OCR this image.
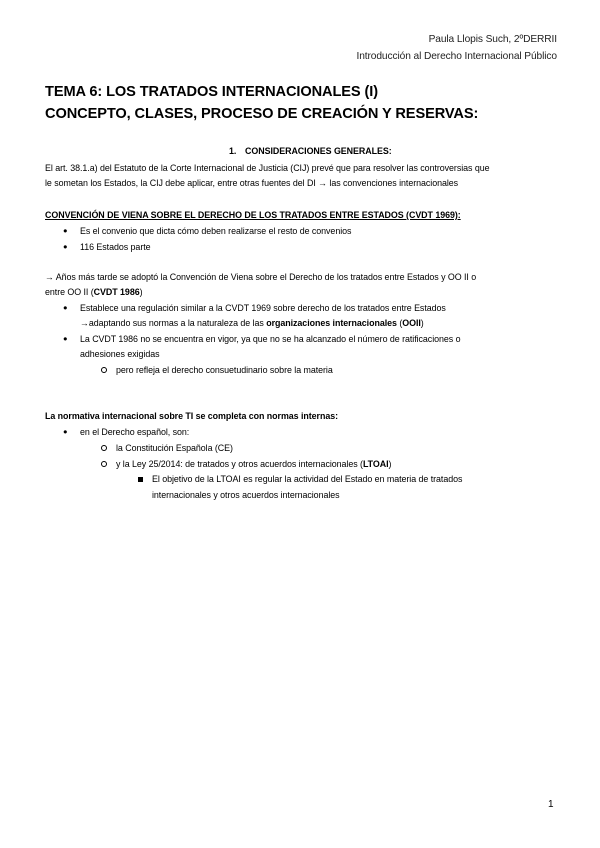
Paula Llopis Such, 2ºDERRII
Introducción al Derecho Internacional Público
TEMA 6: LOS TRATADOS INTERNACIONALES (I)
CONCEPTO, CLASES, PROCESO DE CREACIÓN Y RESERVAS:
1. CONSIDERACIONES GENERALES:
El art. 38.1.a) del Estatuto de la Corte Internacional de Justicia (CIJ) prevé que para resolver las controversias que
le sometan los Estados, la CIJ debe aplicar, entre otras fuentes del DI → las convenciones internacionales
CONVENCIÓN DE VIENA SOBRE EL DERECHO DE LOS TRATADOS ENTRE ESTADOS (CVDT 1969):
● Es el convenio que dicta cómo deben realizarse el resto de convenios
● 116 Estados parte
→ Años más tarde se adoptó la Convención de Viena sobre el Derecho de los tratados entre Estados y OO II o
entre OO II (CVDT 1986)
● Establece una regulación similar a la CVDT 1969 sobre derecho de los tratados entre Estados
→adaptando sus normas a la naturaleza de las organizaciones internacionales (OOII)
● La CVDT 1986 no se encuentra en vigor, ya que no se ha alcanzado el número de ratificaciones o
adhesiones exigidas
pero refleja el derecho consuetudinario sobre la materia
La normativa internacional sobre TI se completa con normas internas:
● en el Derecho español, son:
la Constitución Española (CE)
y la Ley 25/2014: de tratados y otros acuerdos internacionales (LTOAI)
El objetivo de la LTOAI es regular la actividad del Estado en materia de tratados
internacionales y otros acuerdos internacionales
1
